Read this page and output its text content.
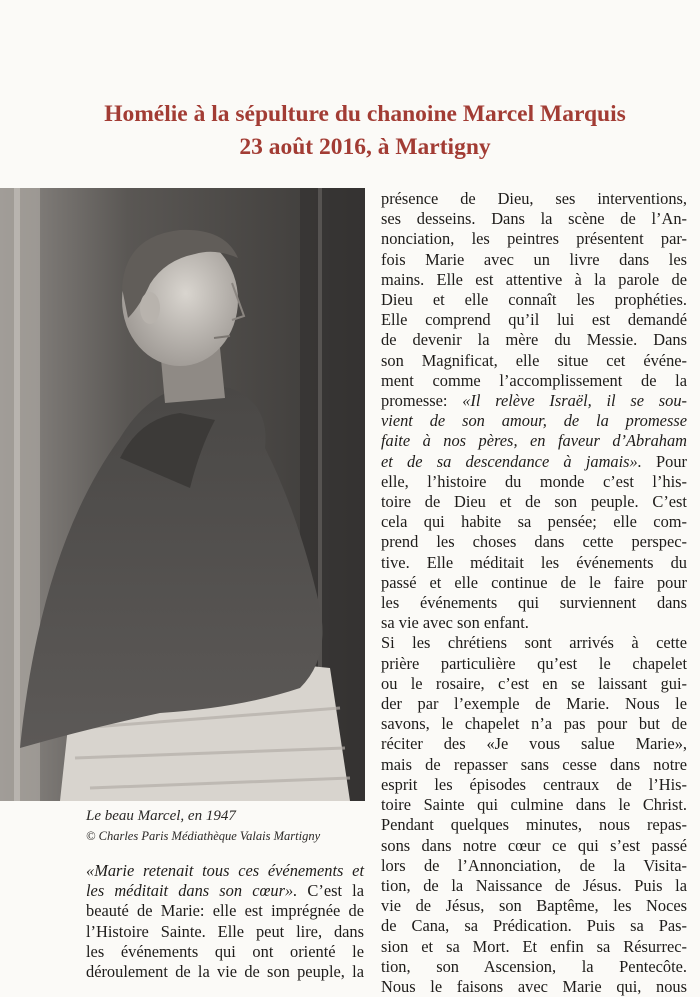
Homélie à la sépulture du chanoine Marcel Marquis
23 août 2016, à Martigny
Le beau Marcel, en 1947
© Charles Paris Médiathèque Valais Martigny
«Marie retenait tous ces événements et
les méditait dans son cœur». C’est la
beauté de Marie: elle est imprégnée de
l’Histoire Sainte. Elle peut lire, dans
les événements qui ont orienté le
déroulement de la vie de son peuple, la
présence de Dieu, ses interventions,
ses desseins. Dans la scène de l’An-
nonciation, les peintres présentent par-
fois Marie avec un livre dans les
mains. Elle est attentive à la parole de
Dieu et elle connaît les prophéties.
Elle comprend qu’il lui est demandé
de devenir la mère du Messie. Dans
son Magnificat, elle situe cet événe-
ment comme l’accomplissement de la
promesse: «Il relève Israël, il se sou-
vient de son amour, de la promesse
faite à nos pères, en faveur d’Abraham
et de sa descendance à jamais». Pour
elle, l’histoire du monde c’est l’his-
toire de Dieu et de son peuple. C’est
cela qui habite sa pensée; elle com-
prend les choses dans cette perspec-
tive. Elle méditait les événements du
passé et elle continue de le faire pour
les événements qui surviennent dans
sa vie avec son enfant.
Si les chrétiens sont arrivés à cette
prière particulière qu’est le chapelet
ou le rosaire, c’est en se laissant gui-
der par l’exemple de Marie. Nous le
savons, le chapelet n’a pas pour but de
réciter des «Je vous salue Marie»,
mais de repasser sans cesse dans notre
esprit les épisodes centraux de l’His-
toire Sainte qui culmine dans le Christ.
Pendant quelques minutes, nous repas-
sons dans notre cœur ce qui s’est passé
lors de l’Annonciation, de la Visita-
tion, de la Naissance de Jésus. Puis la
vie de Jésus, son Baptême, les Noces
de Cana, sa Prédication. Puis sa Pas-
sion et sa Mort. Et enfin sa Résurrec-
tion, son Ascension, la Pentecôte.
Nous le faisons avec Marie qui, nous
